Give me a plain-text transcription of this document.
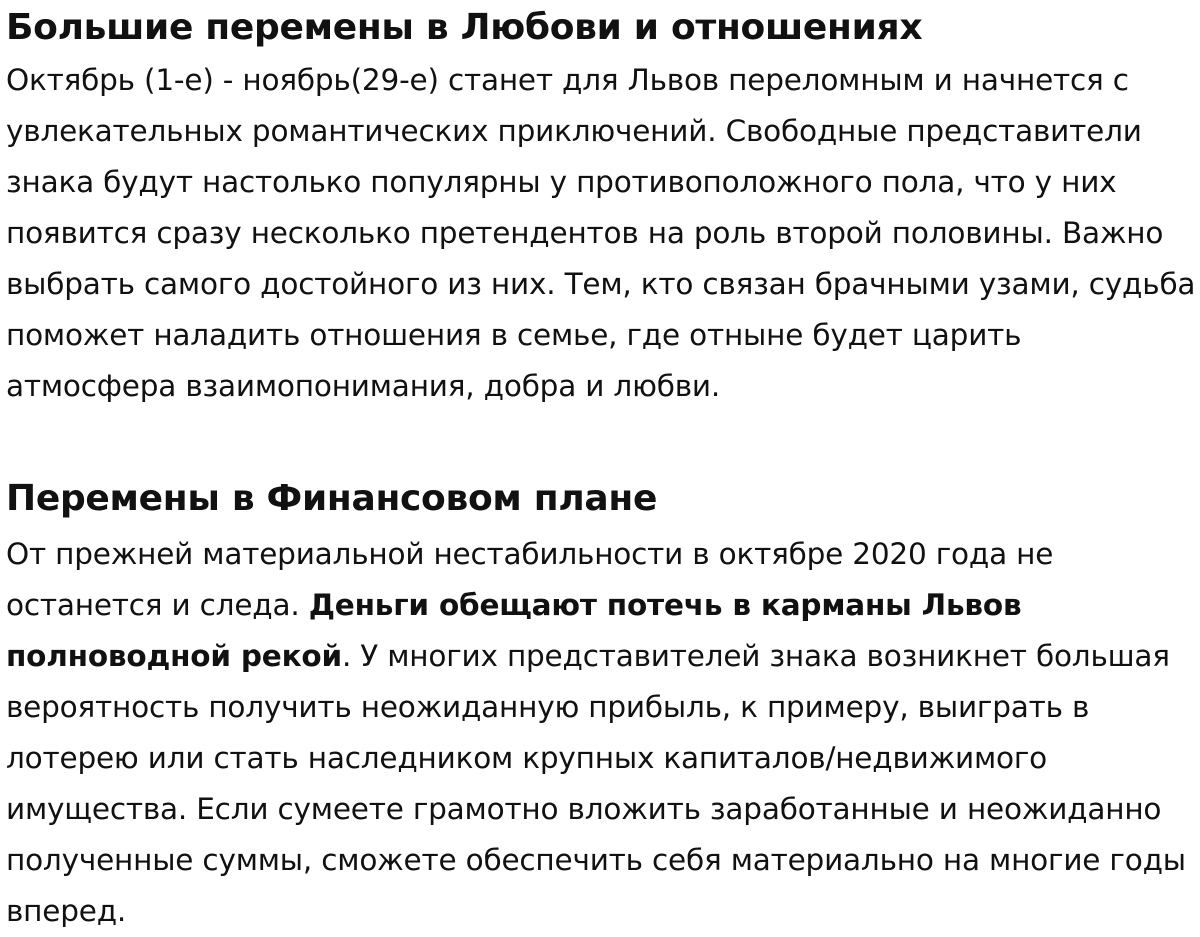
Большие перемены в Любови и отношениях

Октябрь (1-е) - ноябрь(29-е) станет для Львов переломным и начнется с увлекательных романтических приключений. Свободные представители знака будут настолько популярны у противоположного пола, что у них появится сразу несколько претендентов на роль второй половины. Важно выбрать самого достойного из них. Тем, кто связан брачными узами, судьба поможет наладить отношения в семье, где отныне будет царить атмосфера взаимопонимания, добра и любви.

Перемены в Финансовом плане

От прежней материальной нестабильности в октябре 2020 года не останется и следа. Деньги обещают потечь в карманы Львов полноводной рекой. У многих представителей знака возникнет большая вероятность получить неожиданную прибыль, к примеру, выиграть в лотерею или стать наследником крупных капиталов/недвижимого имущества. Если сумеете грамотно вложить заработанные и неожиданно полученные суммы, сможете обеспечить себя материально на многие годы вперед.
